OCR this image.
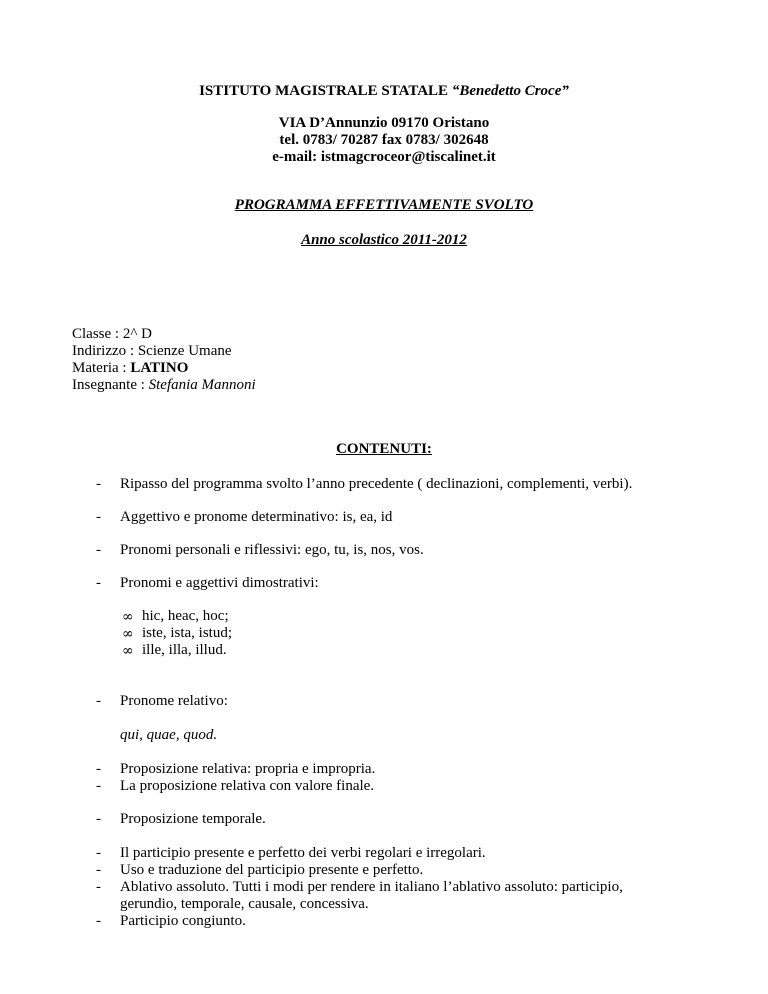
ISTITUTO MAGISTRALE STATALE “Benedetto Croce”
VIA D’Annunzio 09170 Oristano
tel. 0783/ 70287 fax 0783/ 302648
e-mail: istmagcroceor@tiscalinet.it
PROGRAMMA EFFETTIVAMENTE SVOLTO
Anno scolastico 2011-2012
Classe : 2^ D
Indirizzo : Scienze Umane
Materia : LATINO
Insegnante : Stefania Mannoni
CONTENUTI:
- Ripasso del programma svolto l’anno precedente ( declinazioni, complementi, verbi).
- Aggettivo e pronome determinativo: is, ea, id
- Pronomi personali e riflessivi: ego, tu, is, nos, vos.
- Pronomi e aggettivi dimostrativi:
∞ hic, heac, hoc;
∞ iste, ista, istud;
∞ ille, illa, illud.
- Pronome relativo:
qui, quae, quod.
- Proposizione relativa: propria e impropria.
- La proposizione relativa con valore finale.
- Proposizione temporale.
- Il participio presente e perfetto dei verbi regolari e irregolari.
- Uso e traduzione del participio presente e perfetto.
- Ablativo assoluto. Tutti i modi per rendere in italiano l’ablativo assoluto: participio,
gerundio, temporale, causale, concessiva.
- Participio congiunto.
